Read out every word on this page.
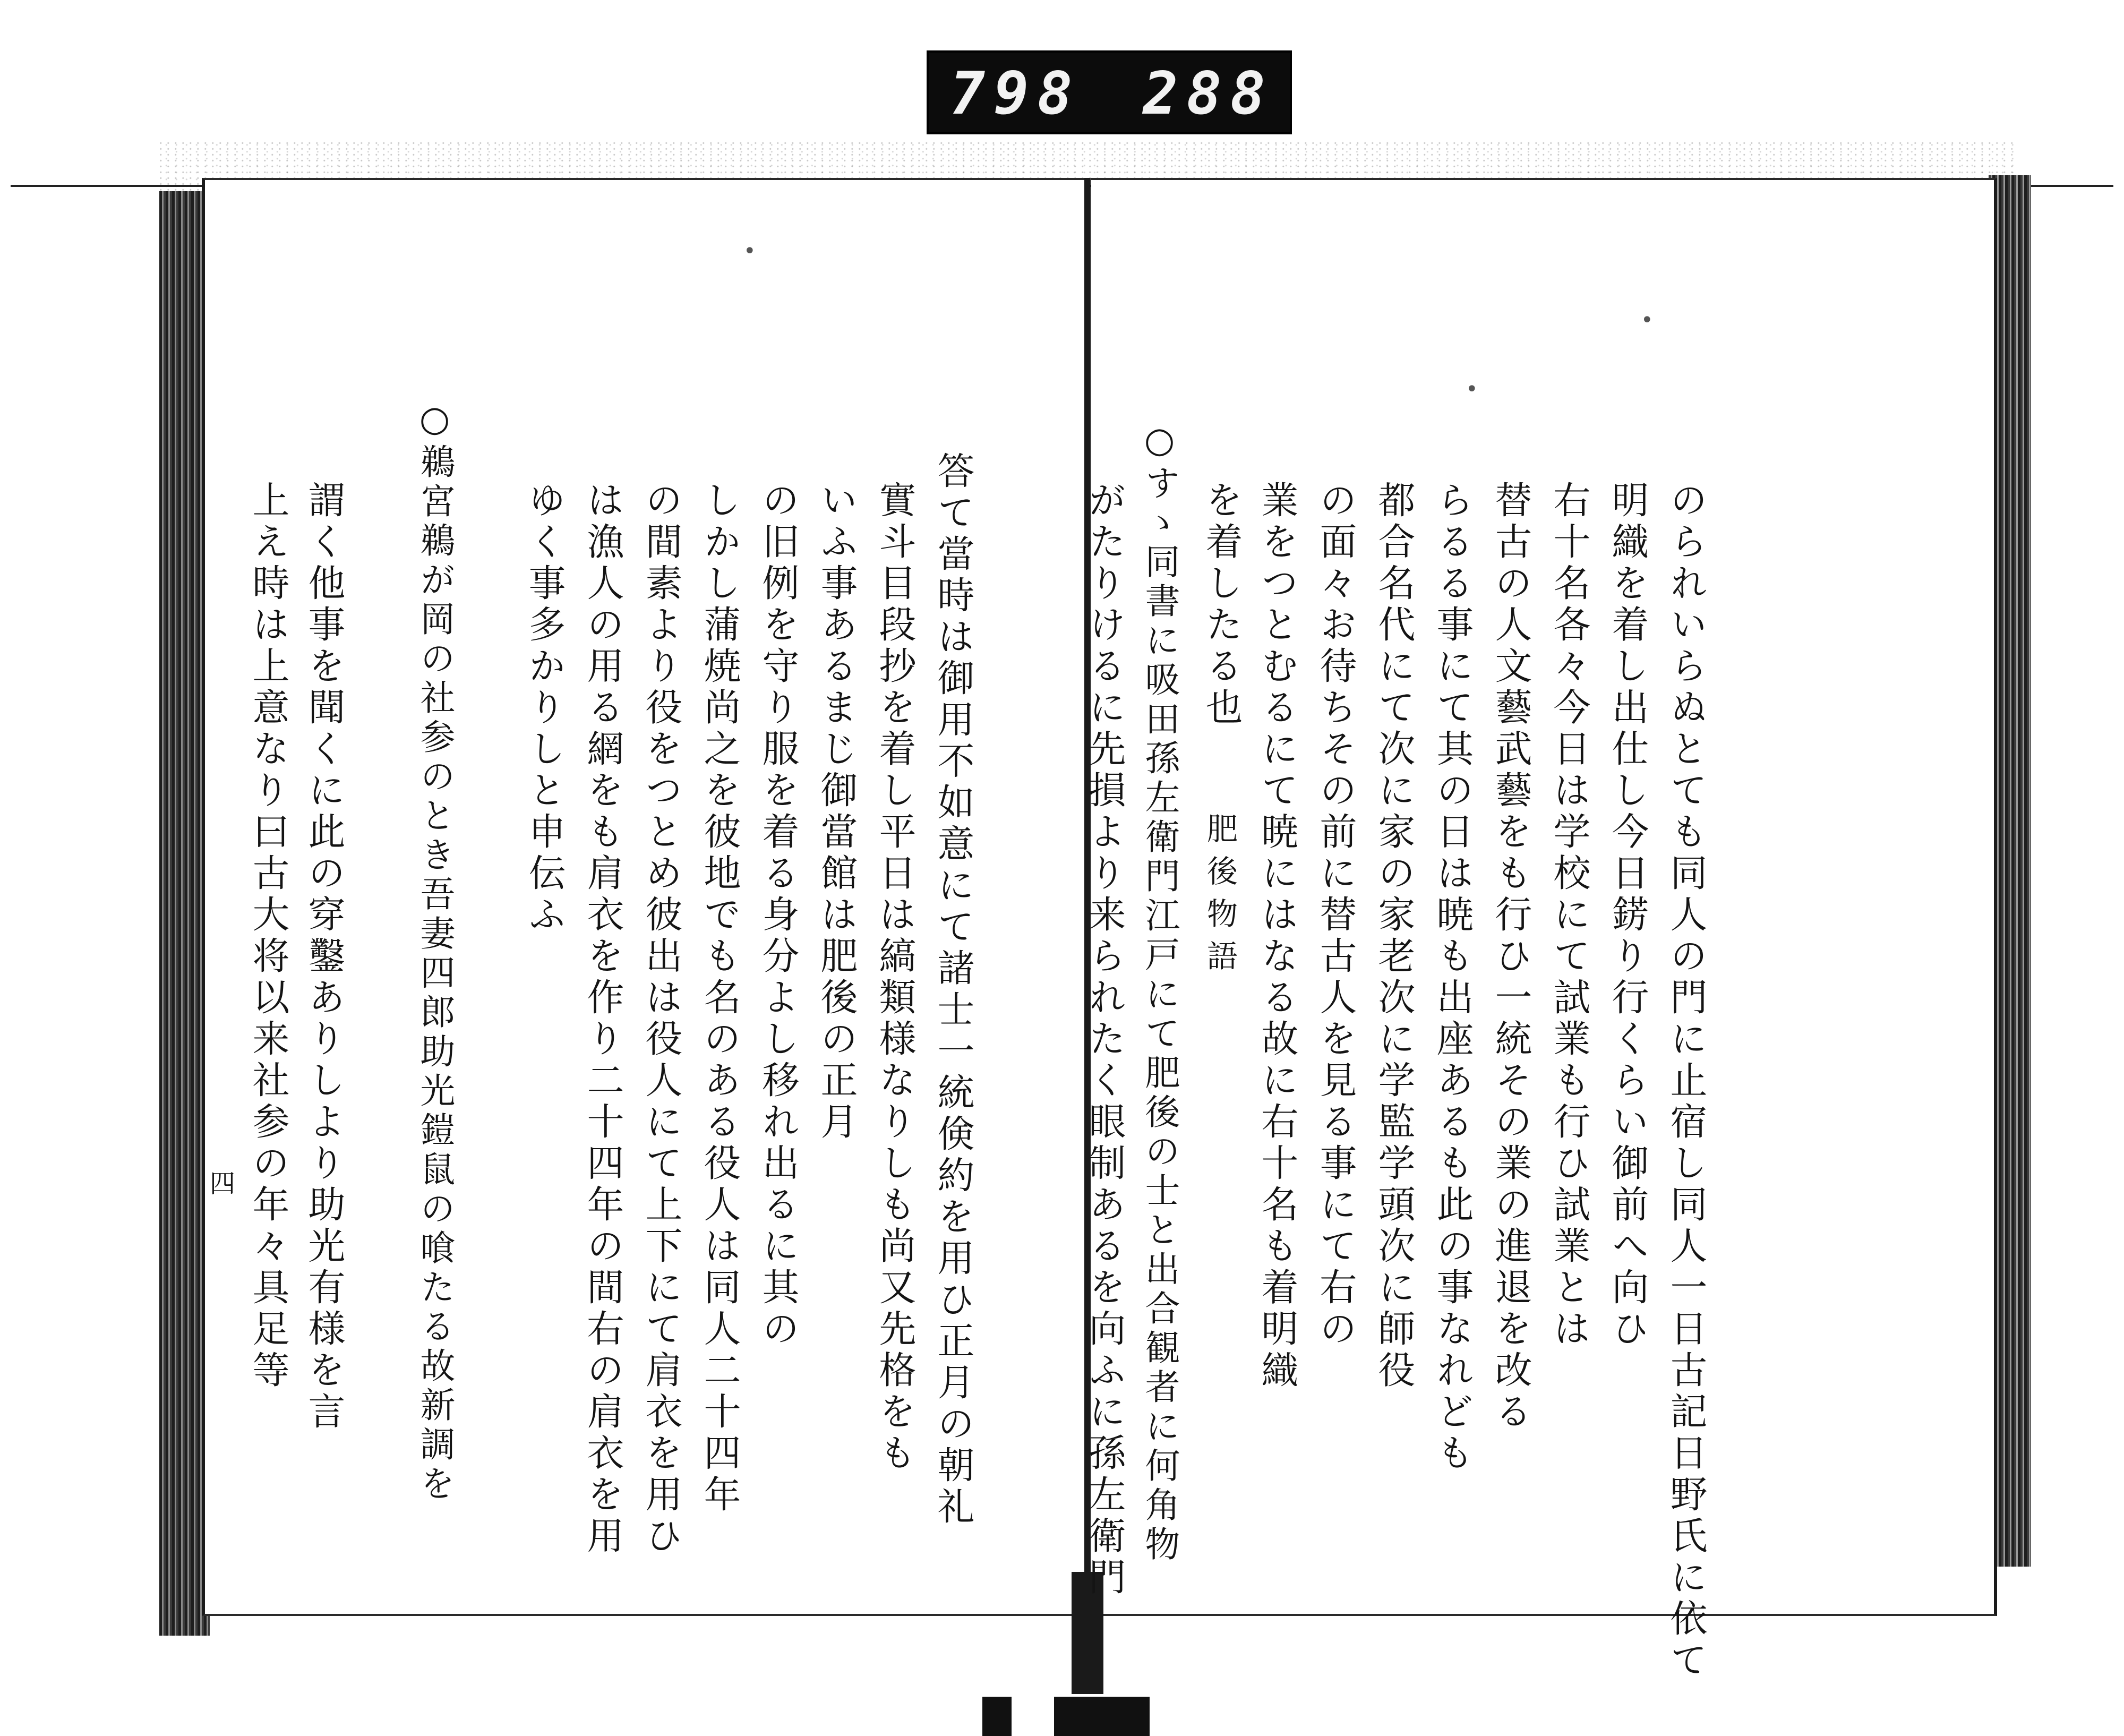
798 288
のられいらぬとても同人の門に止宿し同人一日古記日野氏に依て
明織を着し出仕し今日錺り行くらい御前へ向ひ
右十名各々今日は学校にて試業も行ひ試業とは
替古の人文藝武藝をも行ひ一統その業の進退を改る
らるる事にて其の日は暁も出座あるも此の事なれども
都合名代にて次に家の家老次に学監学頭次に師役
の面々お待ちその前に替古人を見る事にて右の
業をつとむるにて暁にはなる故に右十名も着明織
を着したる也
肥後物語
○すゝ同書に吸田孫左衛門江戸にて肥後の士と出合観者に何角物
がたりけるに先損より来られたく眼制あるを向ふに孫左衛門
答て當時は御用不如意にて諸士一統倹約を用ひ正月の朝礼
實斗目段抄を着し平日は縞類様なりしも尚又先格をも
いふ事あるまじ御當館は肥後の正月
の旧例を守り服を着る身分よし移れ出るに其の
しかし蒲焼尚之を彼地でも名のある役人は同人二十四年
の間素より役をつとめ彼出は役人にて上下にて肩衣を用ひ
は漁人の用る網をも肩衣を作り二十四年の間右の肩衣を用
ゆく事多かりしと申伝ふ
○鵜宮鵜が岡の社参のとき吾妻四郎助光鎧鼠の喰たる故新調を
謂く他事を聞くに此の穿鑿ありしより助光有様を言
上え時は上意なり曰古大将以来社参の年々具足等
四
•
•
•
